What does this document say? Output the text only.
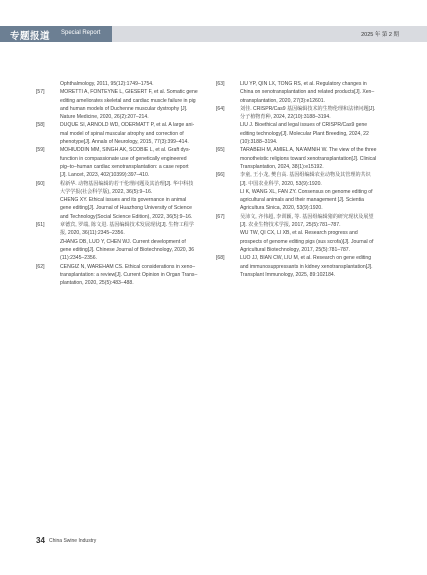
专题报道 Special Report	2025 年 第 2 期
Ophthalmology, 2011, 95(12):1749–1754.
[57]	MORETTI A, FONTEYNE L, GIESERT F, et al. Somatic gene
editing ameliorates skeletal and cardiac muscle failure in pig
and human models of Duchenne muscular dystrophy [J].
Nature Medicine, 2020, 26(2):207–214.
[58]	DUQUE SI, ARNOLD WD, ODERMATT P, et al. A large ani-
mal model of spinal muscular atrophy and correction of
phenotype[J]. Annals of Neurology, 2015, 77(3):399–414.
[59]	MOHIUDDIN MM, SINGH AK, SCOBIE L, et al. Graft dys-
function in compassionate use of genetically engineered
pig–to–human cardiac xenotransplantation: a case report
[J]. Lancet, 2023, 402(10399):397–410.
[60]	程新华. 动物基因编辑的若干伦理问题及其治理[J]. 华中科技
大学学报(社会科学版), 2022, 36(5):9–16.
CHENG XY. Ethical issues and its governance in animal
gene editing[J]. Journal of Huazhong University of Science
and Technology(Social Science Edition), 2022, 36(5):9–16.
[61]	章德宾, 罗端, 陈文进. 基因编辑技术发展现状[J]. 生物工程学
报, 2020, 36(11):2345–2356.
ZHANG DB, LUO Y, CHEN WJ. Current development of
gene editing[J]. Chinese Journal of Biotechnology, 2020, 36
(11):2345–2356.
[62]	CENGIZ N, WAREHAM CS. Ethical considerations in xeno–
transplantation: a review[J]. Current Opinion in Organ Trans–
plantation, 2020, 25(5):483–488.
[63]	LIU YP, QIN LX, TONG RS, et al. Regulatory changes in
China on xenotransplantation and related products[J]. Xen–
otransplantation, 2020, 27(3):e12601.
[64]	刘佳. CRISPR/Cas9 基因编辑技术的生物伦理和法律问题[J].
分子植物育种, 2024, 22(10):3188–3194.
LIU J. Bioethical and legal issues of CRISPR/Cas9 gene
editing technology[J]. Molecular Plant Breeding, 2024, 22
(10):3188–3194.
[65]	TARABEIH M, AMIEL A, NA'AMNIH W. The view of the three
monotheistic religions toward xenotransplantation[J]. Clinical
Transplantation, 2024, 38(1):e15192.
[66]	李童, 王小龙, 樊自高. 基因组编辑农业动物及其管理的共识
[J]. 中国农业科学, 2020, 53(9):1920.
LI K, WANG XL, FAN ZY. Consensus on genome editing of
agricultural animals and their management [J]. Scientia
Agricultura Sinica, 2020, 53(9):1920.
[67]	吴沛文, 齐伟超, 李训颖, 等. 基因组编辑猪的研究现状及展望
[J]. 农业生物技术学报, 2017, 25(5):781–787.
WU TW, QI CX, LI XB, et al. Research progress and
prospects of genome editing pigs (sus scrofa)[J]. Journal of
Agricultural Biotechnology, 2017, 25(5):781–787.
[68]	LUO JJ, BIAN CW, LIU M, et al. Research on gene editing
and immunosuppressants in kidney xenotransplantation[J].
Transplant Immunology, 2025, 89:102184.
34 China Swine Industry
